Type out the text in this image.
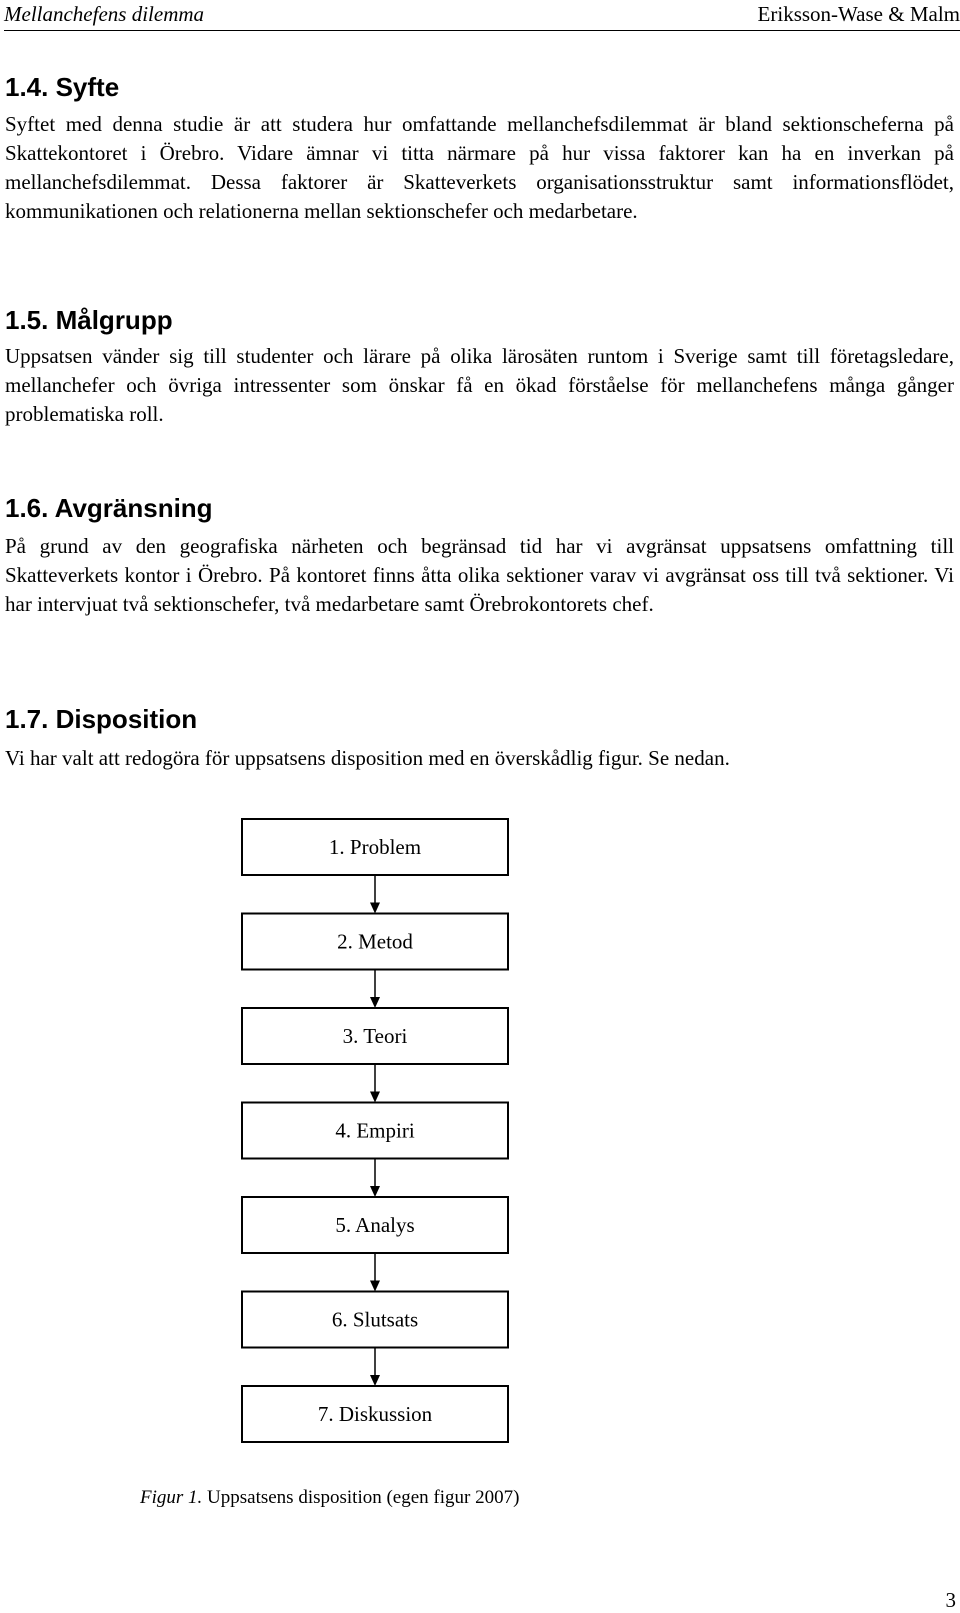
Mellanchefens dilemma	Eriksson-Wase & Malm
1.4. Syfte

Syftet med denna studie är att studera hur omfattande mellanchefsdilemmat är bland sektionscheferna på Skattekontoret i Örebro. Vidare ämnar vi titta närmare på hur vissa faktorer kan ha en inverkan på mellanchefsdilemmat. Dessa faktorer är Skatteverkets organisationsstruktur samt informationsflödet, kommunikationen och relationerna mellan sektionschefer och medarbetare.

1.5. Målgrupp

Uppsatsen vänder sig till studenter och lärare på olika lärosäten runtom i Sverige samt till företagsledare, mellanchefer och övriga intressenter som önskar få en ökad förståelse för mellanchefens många gånger problematiska roll.

1.6. Avgränsning

På grund av den geografiska närheten och begränsad tid har vi avgränsat uppsatsens omfattning till Skatteverkets kontor i Örebro. På kontoret finns åtta olika sektioner varav vi avgränsat oss till två sektioner. Vi har intervjuat två sektionschefer, två medarbetare samt Örebrokontorets chef.

1.7. Disposition

Vi har valt att redogöra för uppsatsens disposition med en överskådlig figur. Se nedan.

1. Problem
2. Metod
3. Teori
4. Empiri
5. Analys
6. Slutsats
7. Diskussion
Figur 1. Uppsatsens disposition (egen figur 2007)
3
